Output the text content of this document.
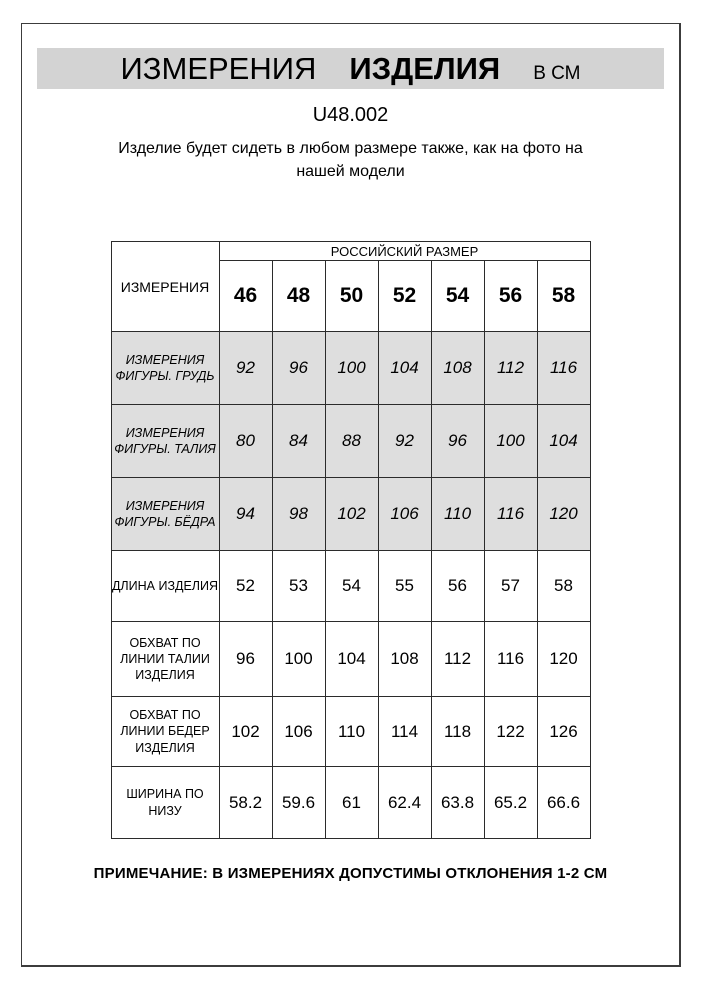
ИЗМЕРЕНИЯ ИЗДЕЛИЯ В СМ
U48.002
Изделие будет сидеть в любом размере также, как на фото на нашей модели
ИЗМЕРЕНИЯ	РОССИЙСКИЙ РАЗМЕР						
	46	48	50	52	54	56	58
ИЗМЕРЕНИЯ ФИГУРЫ. ГРУДЬ	92	96	100	104	108	112	116
ИЗМЕРЕНИЯ ФИГУРЫ. ТАЛИЯ	80	84	88	92	96	100	104
ИЗМЕРЕНИЯ ФИГУРЫ. БЁДРА	94	98	102	106	110	116	120
ДЛИНА ИЗДЕЛИЯ	52	53	54	55	56	57	58
ОБХВАТ ПО ЛИНИИ ТАЛИИ ИЗДЕЛИЯ	96	100	104	108	112	116	120
ОБХВАТ ПО ЛИНИИ БЕДЕР ИЗДЕЛИЯ	102	106	110	114	118	122	126
ШИРИНА ПО НИЗУ	58.2	59.6	61	62.4	63.8	65.2	66.6
ПРИМЕЧАНИЕ: В ИЗМЕРЕНИЯХ ДОПУСТИМЫ ОТКЛОНЕНИЯ 1-2 СМ
